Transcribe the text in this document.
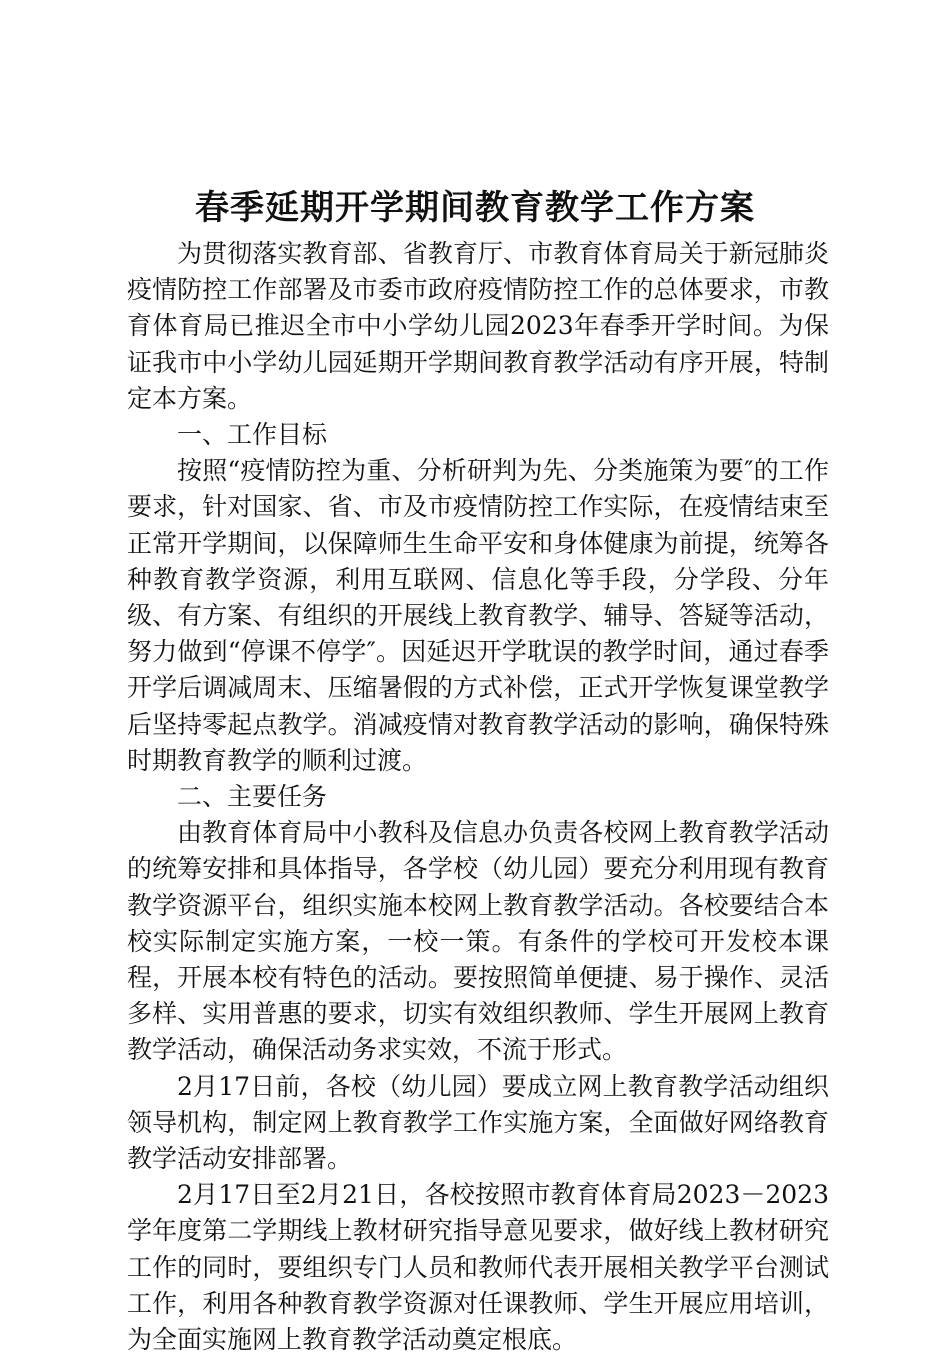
春季延期开学期间教育教学工作方案

为贯彻落实教育部、省教育厅、市教育体育局关于新冠肺炎疫情防控工作部署及市委市政府疫情防控工作的总体要求，市教育体育局已推迟全市中小学幼儿园2023年春季开学时间。为保证我市中小学幼儿园延期开学期间教育教学活动有序开展，特制定本方案。

一、工作目标

按照“疫情防控为重、分析研判为先、分类施策为要″的工作要求，针对国家、省、市及市疫情防控工作实际，在疫情结束至正常开学期间，以保障师生生命平安和身体健康为前提，统筹各种教育教学资源，利用互联网、信息化等手段，分学段、分年级、有方案、有组织的开展线上教育教学、辅导、答疑等活动，努力做到“停课不停学″。因延迟开学耽误的教学时间，通过春季开学后调减周末、压缩暑假的方式补偿，正式开学恢复课堂教学后坚持零起点教学。消减疫情对教育教学活动的影响，确保特殊时期教育教学的顺利过渡。

二、主要任务

由教育体育局中小教科及信息办负责各校网上教育教学活动的统筹安排和具体指导，各学校（幼儿园）要充分利用现有教育教学资源平台，组织实施本校网上教育教学活动。各校要结合本校实际制定实施方案，一校一策。有条件的学校可开发校本课程，开展本校有特色的活动。要按照简单便捷、易于操作、灵活多样、实用普惠的要求，切实有效组织教师、学生开展网上教育教学活动，确保活动务求实效，不流于形式。

2月17日前，各校（幼儿园）要成立网上教育教学活动组织领导机构，制定网上教育教学工作实施方案，全面做好网络教育教学活动安排部署。

2月17日至2月21日，各校按照市教育体育局2023－2023学年度第二学期线上教材研究指导意见要求，做好线上教材研究工作的同时，要组织专门人员和教师代表开展相关教学平台测试工作，利用各种教育教学资源对任课教师、学生开展应用培训，为全面实施网上教育教学活动奠定根底。
